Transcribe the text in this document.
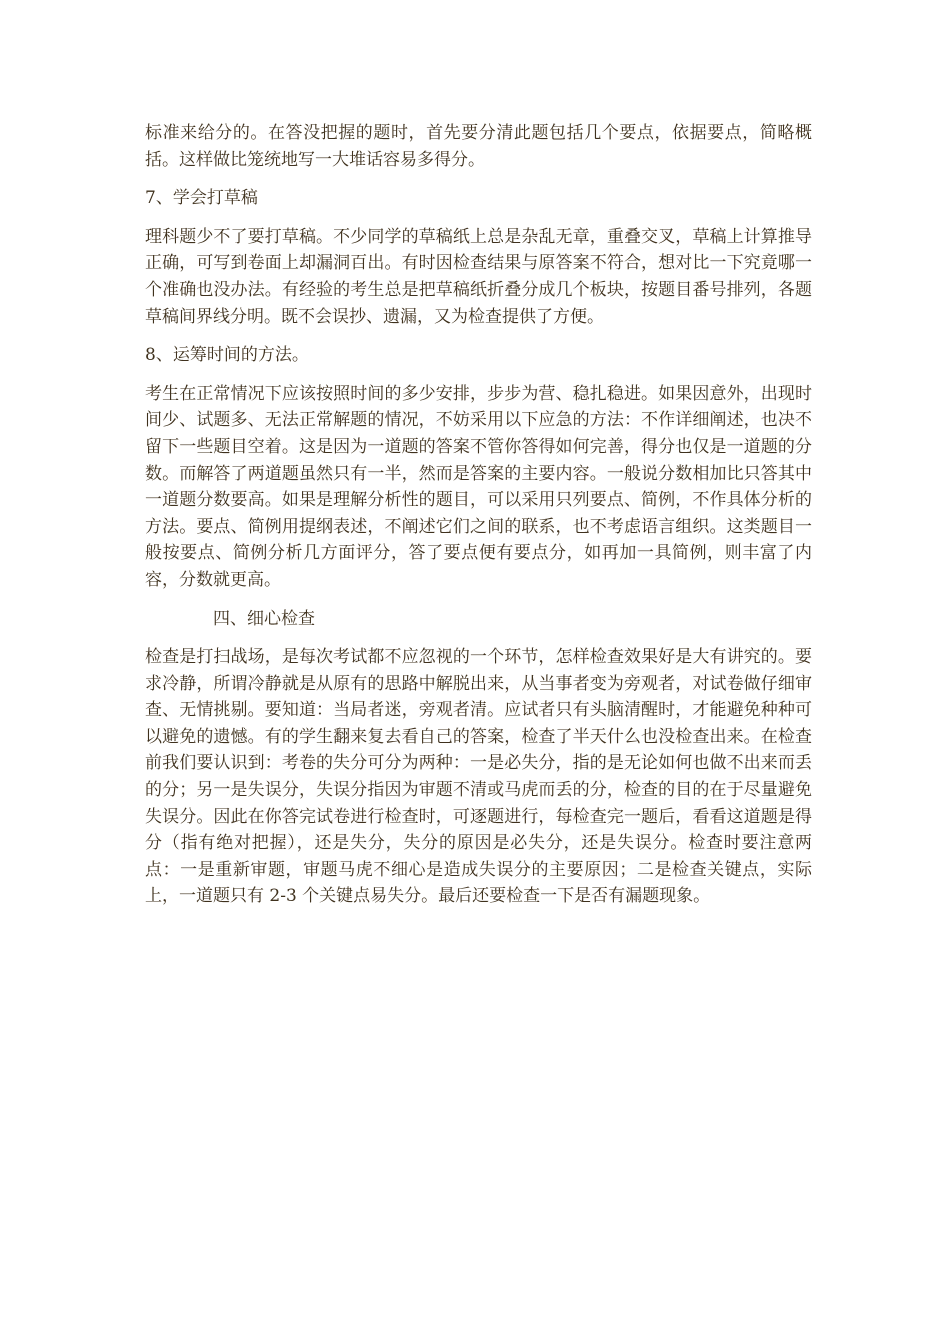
标准来给分的。在答没把握的题时，首先要分清此题包括几个要点，依据要点，简略概括。这样做比笼统地写一大堆话容易多得分。

7、学会打草稿

理科题少不了要打草稿。不少同学的草稿纸上总是杂乱无章，重叠交叉，草稿上计算推导正确，可写到卷面上却漏洞百出。有时因检查结果与原答案不符合，想对比一下究竟哪一个准确也没办法。有经验的考生总是把草稿纸折叠分成几个板块，按题目番号排列，各题草稿间界线分明。既不会误抄、遗漏，又为检查提供了方便。

8、运筹时间的方法。

考生在正常情况下应该按照时间的多少安排，步步为营、稳扎稳进。如果因意外，出现时间少、试题多、无法正常解题的情况，不妨采用以下应急的方法：不作详细阐述，也决不留下一些题目空着。这是因为一道题的答案不管你答得如何完善，得分也仅是一道题的分数。而解答了两道题虽然只有一半，然而是答案的主要内容。一般说分数相加比只答其中一道题分数要高。如果是理解分析性的题目，可以采用只列要点、简例，不作具体分析的方法。要点、简例用提纲表述，不阐述它们之间的联系，也不考虑语言组织。这类题目一般按要点、简例分析几方面评分，答了要点便有要点分，如再加一具简例，则丰富了内容，分数就更高。

四、细心检查

检查是打扫战场，是每次考试都不应忽视的一个环节，怎样检查效果好是大有讲究的。要求冷静，所谓冷静就是从原有的思路中解脱出来，从当事者变为旁观者，对试卷做仔细审查、无情挑剔。要知道：当局者迷，旁观者清。应试者只有头脑清醒时，才能避免种种可以避免的遗憾。有的学生翻来复去看自己的答案，检查了半天什么也没检查出来。在检查前我们要认识到：考卷的失分可分为两种：一是必失分，指的是无论如何也做不出来而丢的分；另一是失误分，失误分指因为审题不清或马虎而丢的分，检查的目的在于尽量避免失误分。因此在你答完试卷进行检查时，可逐题进行，每检查完一题后，看看这道题是得分（指有绝对把握），还是失分，失分的原因是必失分，还是失误分。检查时要注意两点：一是重新审题，审题马虎不细心是造成失误分的主要原因；二是检查关键点，实际上，一道题只有 2-3 个关键点易失分。最后还要检查一下是否有漏题现象。
